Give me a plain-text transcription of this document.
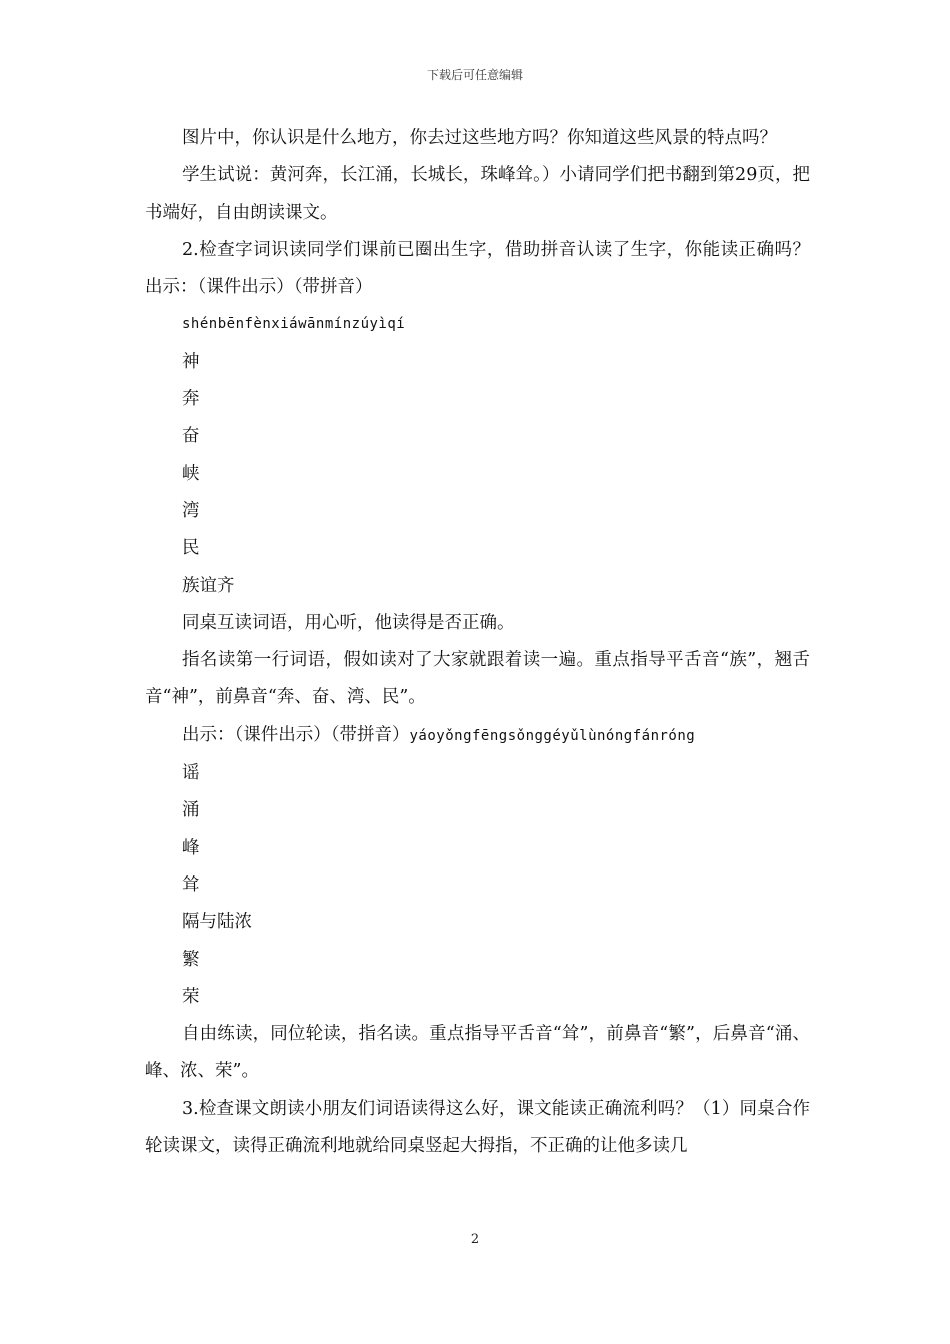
下载后可任意编辑

图片中，你认识是什么地方，你去过这些地方吗？你知道这些风景的特点吗？

学生试说：黄河奔，长江涌，长城长，珠峰耸。）小请同学们把书翻到第29页，把书端好，自由朗读课文。

2.检查字词识读同学们课前已圈出生字，借助拼音认读了生字，你能读正确吗？出示：（课件出示）（带拼音）

shénbēnfènxiáwānmínzúyìqí

神

奔

奋

峡

湾

民

族谊齐

同桌互读词语，用心听，他读得是否正确。

指名读第一行词语，假如读对了大家就跟着读一遍。重点指导平舌音“族”，翘舌音“神”，前鼻音“奔、奋、湾、民”。

出示：（课件出示）（带拼音）yáoyǒngfēngsǒnggéyǔlùnóngfánróng

谣

涌

峰

耸

隔与陆浓

繁

荣

自由练读，同位轮读，指名读。重点指导平舌音“耸”，前鼻音“繁”，后鼻音“涌、峰、浓、荣”。

3.检查课文朗读小朋友们词语读得这么好，课文能读正确流利吗？（1）同桌合作轮读课文，读得正确流利地就给同桌竖起大拇指，不正确的让他多读几

2
